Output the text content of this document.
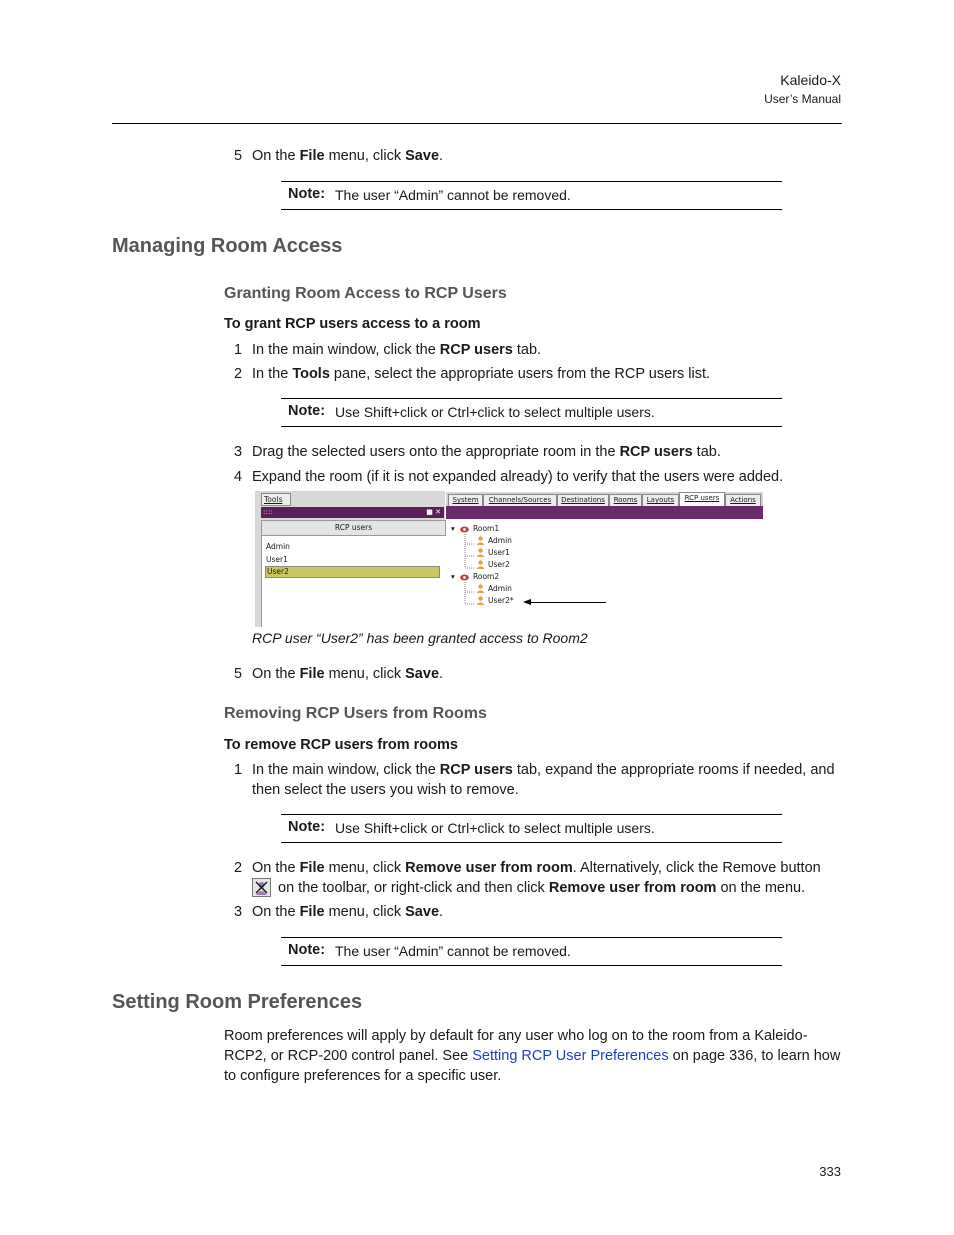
Kaleido-X
User’s Manual
5 On the File menu, click Save.
Note: The user “Admin” cannot be removed.
Managing Room Access
Granting Room Access to RCP Users
To grant RCP users access to a room
1 In the main window, click the RCP users tab.
2 In the Tools pane, select the appropriate users from the RCP users list.
Note: Use Shift+click or Ctrl+click to select multiple users.
3 Drag the selected users onto the appropriate room in the RCP users tab.
4 Expand the room (if it is not expanded already) to verify that the users were added.
Tools
::::	■ ✕
RCP users
Admin
User1
User2
System	Channels/Sources	Destinations	Rooms	Layouts	RCP users	Actions
▾ Room1
Admin
User1
User2
▾ Room2
Admin
User2*
RCP user “User2” has been granted access to Room2
5 On the File menu, click Save.
Removing RCP Users from Rooms
To remove RCP users from rooms
1 In the main window, click the RCP users tab, expand the appropriate rooms if needed, and then select the users you wish to remove.
Note: Use Shift+click or Ctrl+click to select multiple users.
2 On the File menu, click Remove user from room. Alternatively, click the Remove button
on the toolbar, or right-click and then click Remove user from room on the menu.
3 On the File menu, click Save.
Note: The user “Admin” cannot be removed.
Setting Room Preferences
Room preferences will apply by default for any user who log on to the room from a Kaleido-RCP2, or RCP-200 control panel. See Setting RCP User Preferences on page 336, to learn how to configure preferences for a specific user.
333
